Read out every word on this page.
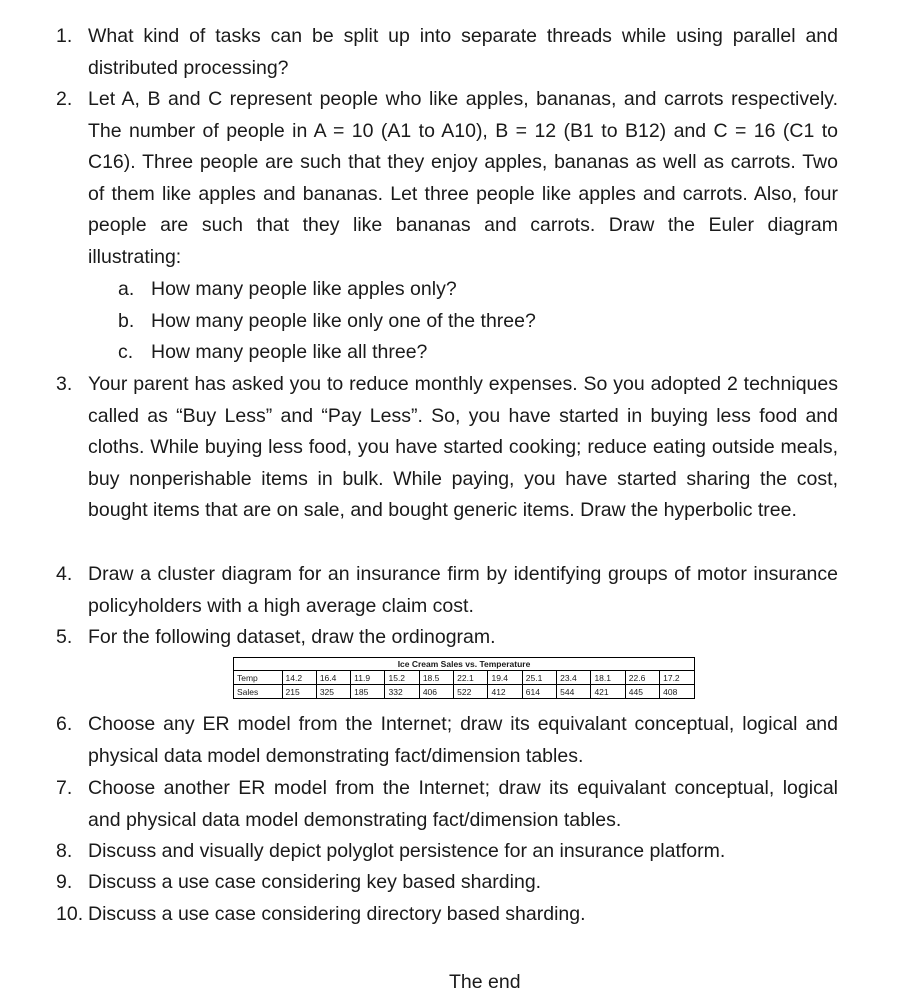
1. What kind of tasks can be split up into separate threads while using parallel and distributed processing?
2. Let A, B and C represent people who like apples, bananas, and carrots respectively. The number of people in A = 10 (A1 to A10), B = 12 (B1 to B12) and C = 16 (C1 to C16). Three people are such that they enjoy apples, bananas as well as carrots. Two of them like apples and bananas. Let three people like apples and carrots. Also, four people are such that they like bananas and carrots. Draw the Euler diagram illustrating:
a. How many people like apples only?
b. How many people like only one of the three?
c. How many people like all three?
3. Your parent has asked you to reduce monthly expenses. So you adopted 2 techniques called as “Buy Less” and “Pay Less”. So, you have started in buying less food and cloths. While buying less food, you have started cooking; reduce eating outside meals, buy nonperishable items in bulk. While paying, you have started sharing the cost, bought items that are on sale, and bought generic items. Draw the hyperbolic tree.
4. Draw a cluster diagram for an insurance firm by identifying groups of motor insurance policyholders with a high average claim cost.
5. For the following dataset, draw the ordinogram.
Ice Cream Sales vs. Temperature
Temp	14.2	16.4	11.9	15.2	18.5	22.1	19.4	25.1	23.4	18.1	22.6	17.2
Sales	215	325	185	332	406	522	412	614	544	421	445	408
6. Choose any ER model from the Internet; draw its equivalant conceptual, logical and physical data model demonstrating fact/dimension tables.
7. Choose another ER model from the Internet; draw its equivalant conceptual, logical and physical data model demonstrating fact/dimension tables.
8. Discuss and visually depict polyglot persistence for an insurance platform.
9. Discuss a use case considering key based sharding.
10. Discuss a use case considering directory based sharding.
The end
